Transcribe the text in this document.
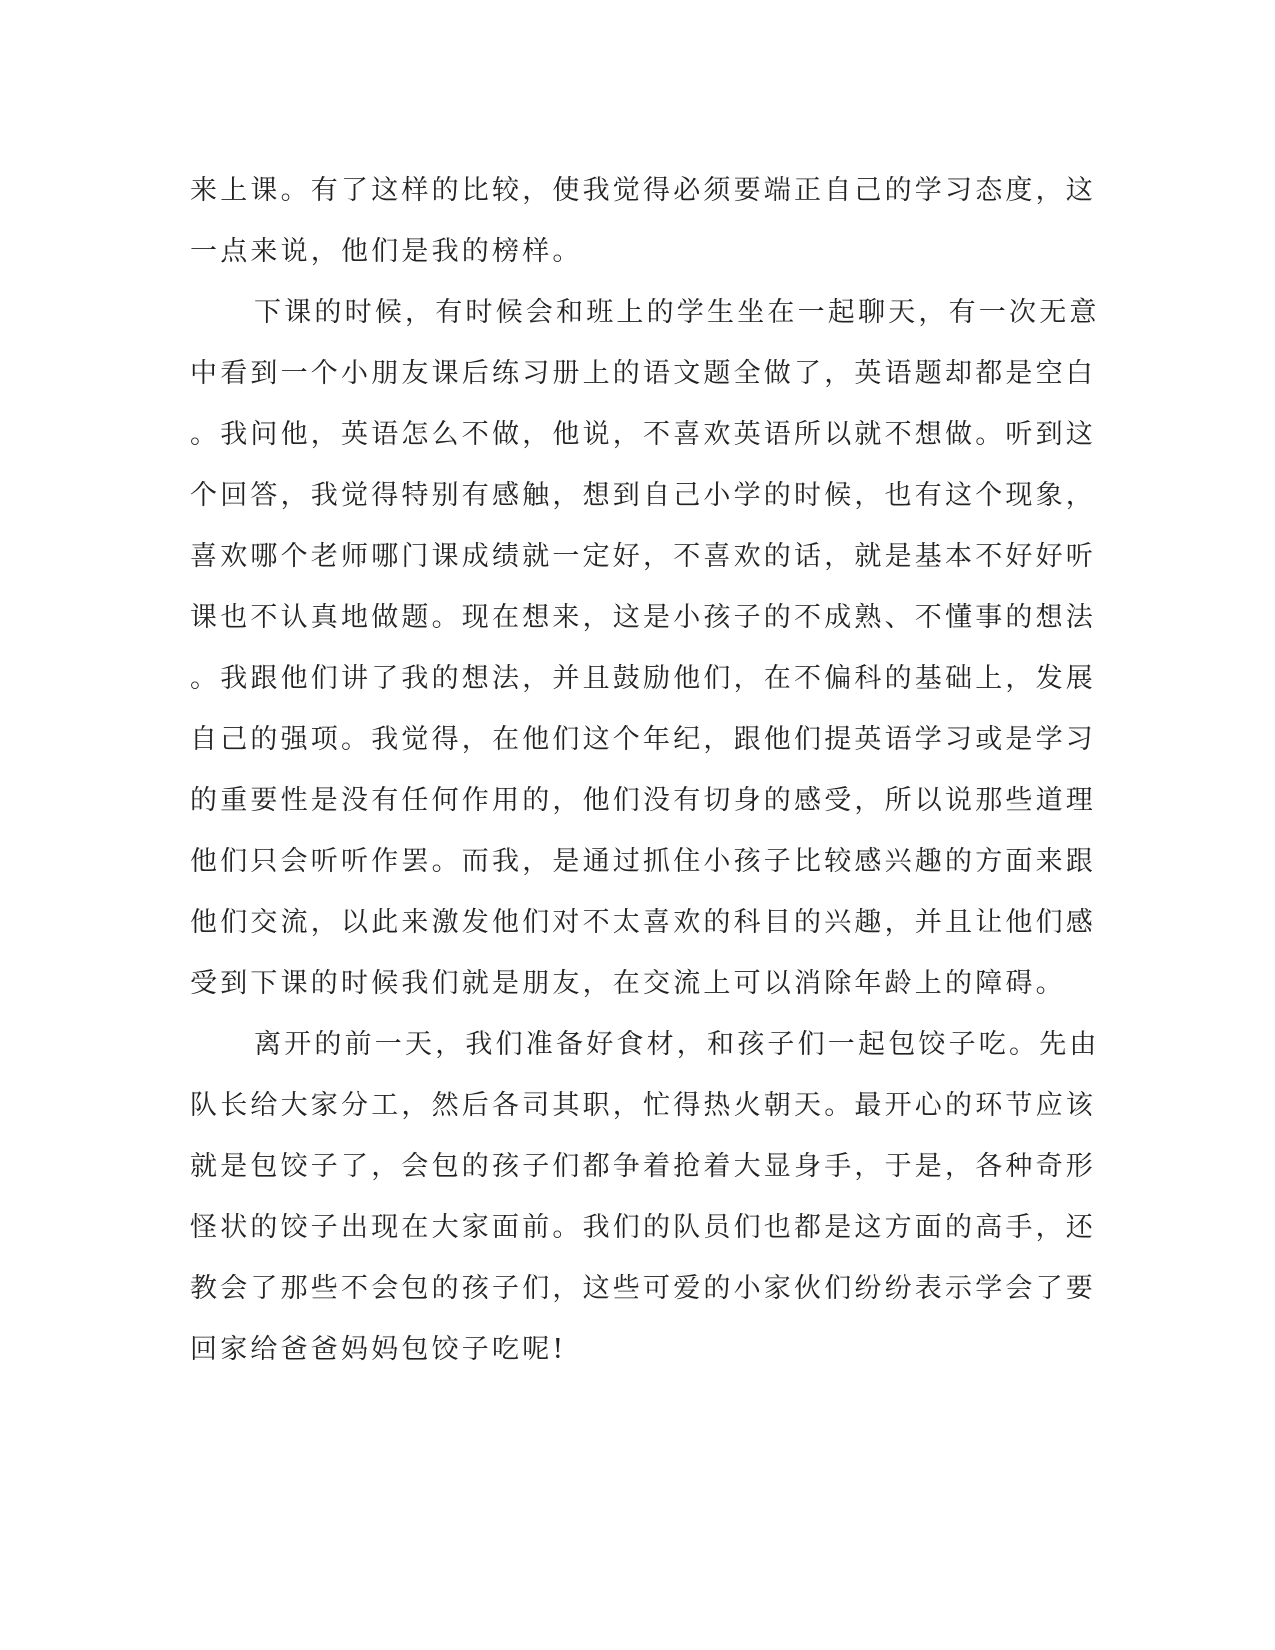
来上课。有了这样的比较，使我觉得必须要端正自己的学习态度，这
一点来说，他们是我的榜样。
下课的时候，有时候会和班上的学生坐在一起聊天，有一次无意
中看到一个小朋友课后练习册上的语文题全做了，英语题却都是空白
。我问他，英语怎么不做，他说，不喜欢英语所以就不想做。听到这
个回答，我觉得特别有感触，想到自己小学的时候，也有这个现象，
喜欢哪个老师哪门课成绩就一定好，不喜欢的话，就是基本不好好听
课也不认真地做题。现在想来，这是小孩子的不成熟、不懂事的想法
。我跟他们讲了我的想法，并且鼓励他们，在不偏科的基础上，发展
自己的强项。我觉得，在他们这个年纪，跟他们提英语学习或是学习
的重要性是没有任何作用的，他们没有切身的感受，所以说那些道理
他们只会听听作罢。而我，是通过抓住小孩子比较感兴趣的方面来跟
他们交流，以此来激发他们对不太喜欢的科目的兴趣，并且让他们感
受到下课的时候我们就是朋友，在交流上可以消除年龄上的障碍。
离开的前一天，我们准备好食材，和孩子们一起包饺子吃。先由
队长给大家分工，然后各司其职，忙得热火朝天。最开心的环节应该
就是包饺子了，会包的孩子们都争着抢着大显身手，于是，各种奇形
怪状的饺子出现在大家面前。我们的队员们也都是这方面的高手，还
教会了那些不会包的孩子们，这些可爱的小家伙们纷纷表示学会了要
回家给爸爸妈妈包饺子吃呢!
